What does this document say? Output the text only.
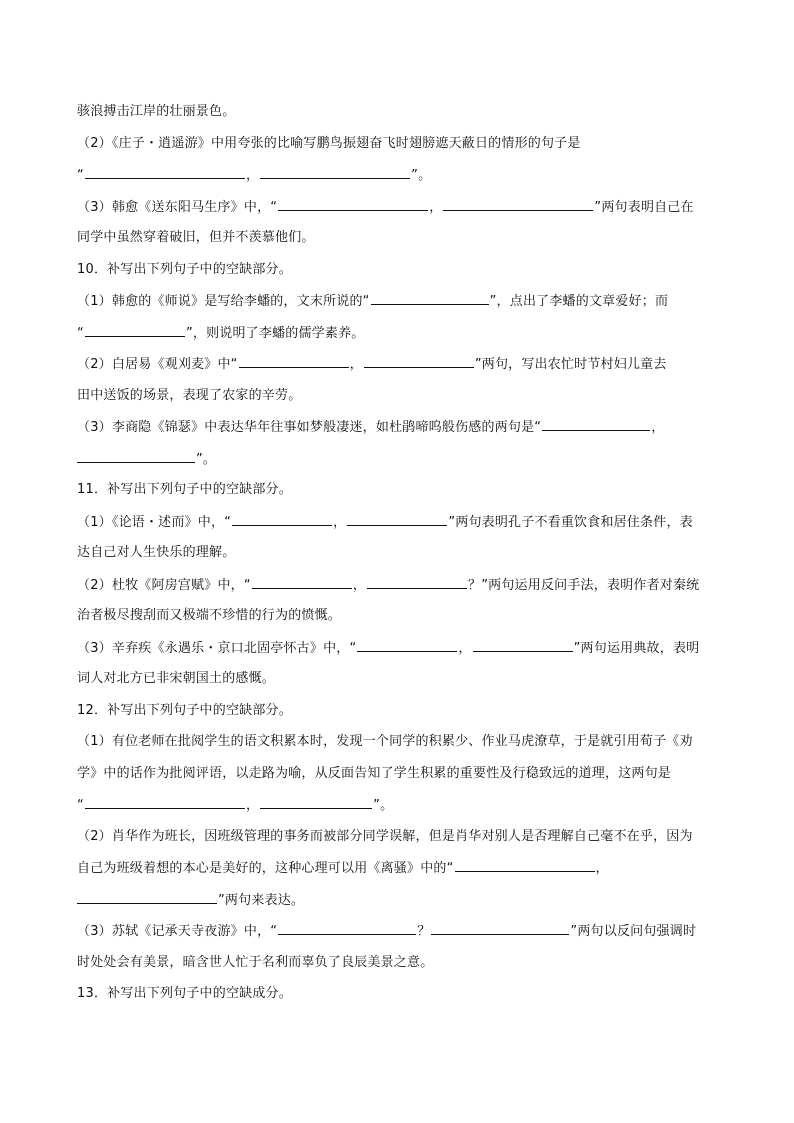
骇浪搏击江岸的壮丽景色。
（2）《庄子・逍遥游》中用夸张的比喻写鹏鸟振翅奋飞时翅膀遮天蔽日的情形的句子是
“	，	”。
（3）韩愈《送东阳马生序》中，“	，	”两句表明自己在
同学中虽然穿着破旧，但并不羡慕他们。
10．补写出下列句子中的空缺部分。
（1）韩愈的《师说》是写给李蟠的，文末所说的“	”，点出了李蟠的文章爱好；而
“	”，则说明了李蟠的儒学素养。
（2）白居易《观刈麦》中“	，	”两句，写出农忙时节村妇儿童去
田中送饭的场景，表现了农家的辛劳。
（3）李商隐《锦瑟》中表达华年往事如梦般凄迷，如杜鹃啼呜般伤感的两句是“	，
”。
11．补写出下列句子中的空缺部分。
（1）《论语・述而》中，“	，	”两句表明孔子不看重饮食和居住条件，表
达自己对人生快乐的理解。
（2）杜牧《阿房宫赋》中，“	，	？”两句运用反问手法，表明作者对秦统
治者极尽搜刮而又极端不珍惜的行为的愤慨。
（3）辛弃疾《永遇乐・京口北固亭怀古》中，“	，	”两句运用典故，表明
词人对北方已非宋朝国土的感慨。
12．补写出下列句子中的空缺部分。
（1）有位老师在批阅学生的语文积累本时，发现一个同学的积累少、作业马虎潦草，于是就引用荀子《劝
学》中的话作为批阅评语，以走路为喻，从反面告知了学生积累的重要性及行稳致远的道理，这两句是
“	，	”。
（2）肖华作为班长，因班级管理的事务而被部分同学误解，但是肖华对别人是否理解自己毫不在乎，因为
自己为班级着想的本心是美好的，这种心理可以用《离骚》中的“	，
”两句来表达。
（3）苏轼《记承天寺夜游》中，“	？	”两句以反问句强调时
时处处会有美景，暗含世人忙于名利而辜负了良辰美景之意。
13．补写出下列句子中的空缺成分。
